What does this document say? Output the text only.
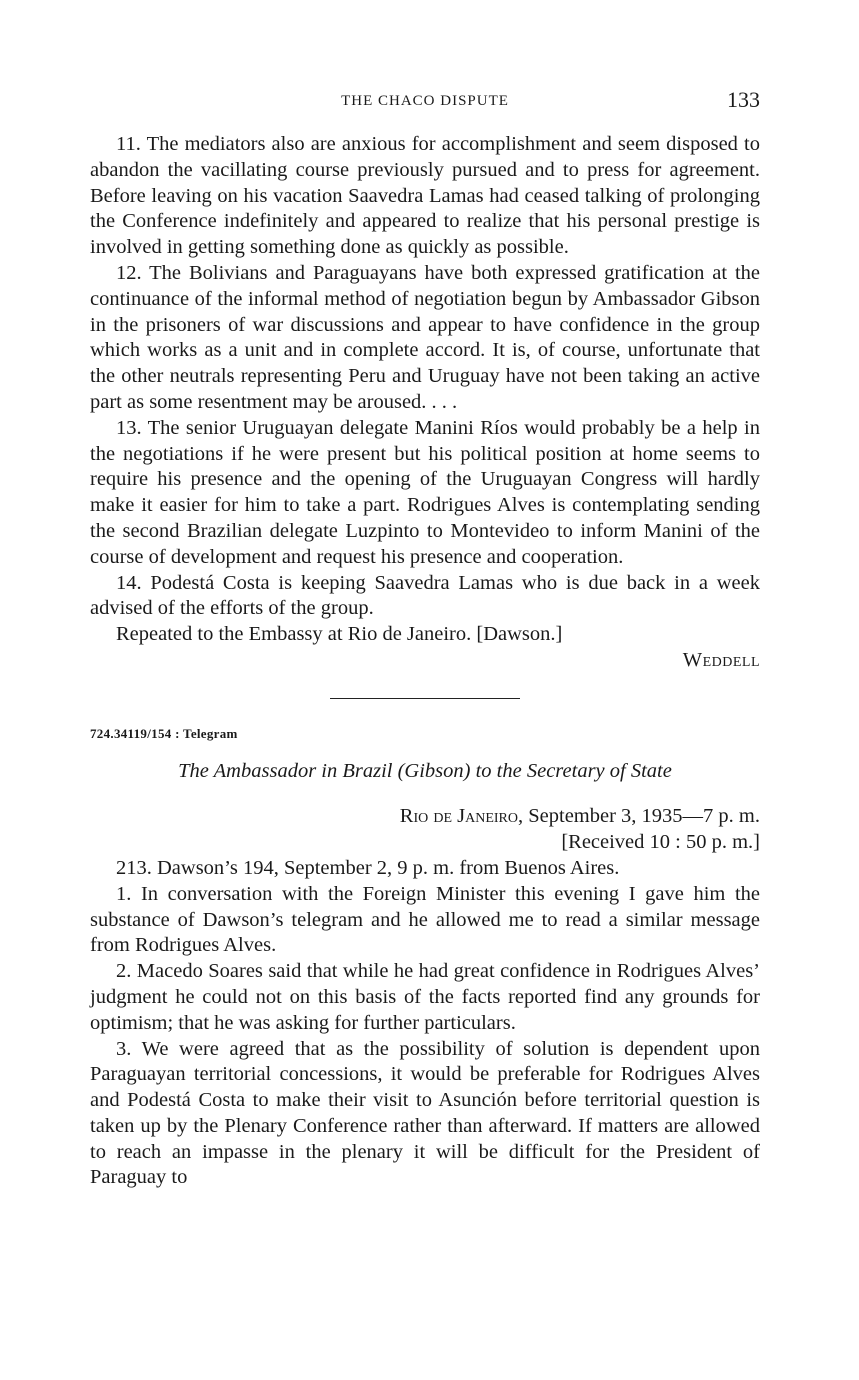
THE CHACO DISPUTE	133

11. The mediators also are anxious for accomplishment and seem disposed to abandon the vacillating course previously pursued and to press for agreement. Before leaving on his vacation Saavedra Lamas had ceased talking of prolonging the Conference indefinitely and appeared to realize that his personal prestige is involved in getting something done as quickly as possible.

12. The Bolivians and Paraguayans have both expressed gratification at the continuance of the informal method of negotiation begun by Ambassador Gibson in the prisoners of war discussions and appear to have confidence in the group which works as a unit and in complete accord. It is, of course, unfortunate that the other neutrals representing Peru and Uruguay have not been taking an active part as some resentment may be aroused. . . .

13. The senior Uruguayan delegate Manini Ríos would probably be a help in the negotiations if he were present but his political position at home seems to require his presence and the opening of the Uruguayan Congress will hardly make it easier for him to take a part. Rodrigues Alves is contemplating sending the second Brazilian delegate Luzpinto to Montevideo to inform Manini of the course of development and request his presence and cooperation.

14. Podestá Costa is keeping Saavedra Lamas who is due back in a week advised of the efforts of the group.

Repeated to the Embassy at Rio de Janeiro. [Dawson.]

Weddell
724.34119/154 : Telegram
The Ambassador in Brazil (Gibson) to the Secretary of State
Rio de Janeiro, September 3, 1935—7 p. m.
[Received 10 : 50 p. m.]

213. Dawson’s 194, September 2, 9 p. m. from Buenos Aires.

1. In conversation with the Foreign Minister this evening I gave him the substance of Dawson’s telegram and he allowed me to read a similar message from Rodrigues Alves.

2. Macedo Soares said that while he had great confidence in Rodrigues Alves’ judgment he could not on this basis of the facts reported find any grounds for optimism; that he was asking for further particulars.

3. We were agreed that as the possibility of solution is dependent upon Paraguayan territorial concessions, it would be preferable for Rodrigues Alves and Podestá Costa to make their visit to Asunción before territorial question is taken up by the Plenary Conference rather than afterward. If matters are allowed to reach an impasse in the plenary it will be difficult for the President of Paraguay to
